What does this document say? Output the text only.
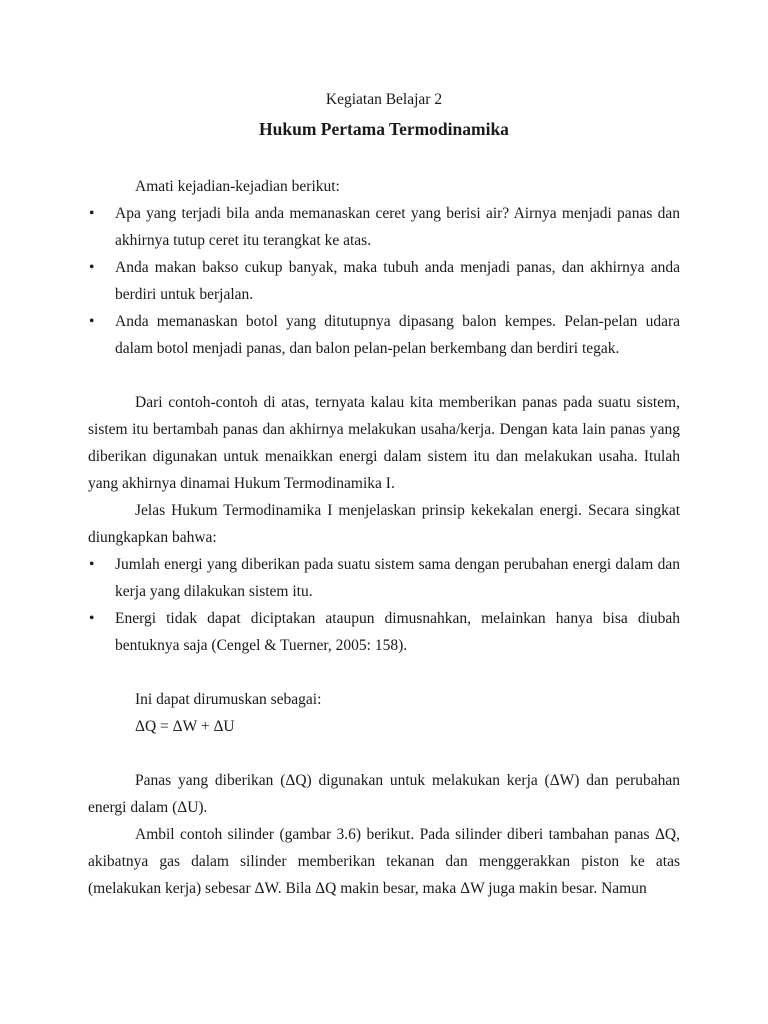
Kegiatan Belajar 2

Hukum Pertama Termodinamika

Amati kejadian-kejadian berikut:

• Apa yang terjadi bila anda memanaskan ceret yang berisi air? Airnya menjadi panas dan akhirnya tutup ceret itu terangkat ke atas.
• Anda makan bakso cukup banyak, maka tubuh anda menjadi panas, dan akhirnya anda berdiri untuk berjalan.
• Anda memanaskan botol yang ditutupnya dipasang balon kempes. Pelan-pelan udara dalam botol menjadi panas, dan balon pelan-pelan berkembang dan berdiri tegak.

Dari contoh-contoh di atas, ternyata kalau kita memberikan panas pada suatu sistem, sistem itu bertambah panas dan akhirnya melakukan usaha/kerja. Dengan kata lain panas yang diberikan digunakan untuk menaikkan energi dalam sistem itu dan melakukan usaha. Itulah yang akhirnya dinamai Hukum Termodinamika I.

Jelas Hukum Termodinamika I menjelaskan prinsip kekekalan energi. Secara singkat diungkapkan bahwa:

• Jumlah energi yang diberikan pada suatu sistem sama dengan perubahan energi dalam dan kerja yang dilakukan sistem itu.
• Energi tidak dapat diciptakan ataupun dimusnahkan, melainkan hanya bisa diubah bentuknya saja (Cengel & Tuerner, 2005: 158).

Ini dapat dirumuskan sebagai:

ΔQ = ΔW + ΔU

Panas yang diberikan (ΔQ) digunakan untuk melakukan kerja (ΔW) dan perubahan energi dalam (ΔU).

Ambil contoh silinder (gambar 3.6) berikut. Pada silinder diberi tambahan panas ΔQ, akibatnya gas dalam silinder memberikan tekanan dan menggerakkan piston ke atas (melakukan kerja) sebesar ΔW. Bila ΔQ makin besar, maka ΔW juga makin besar. Namun
